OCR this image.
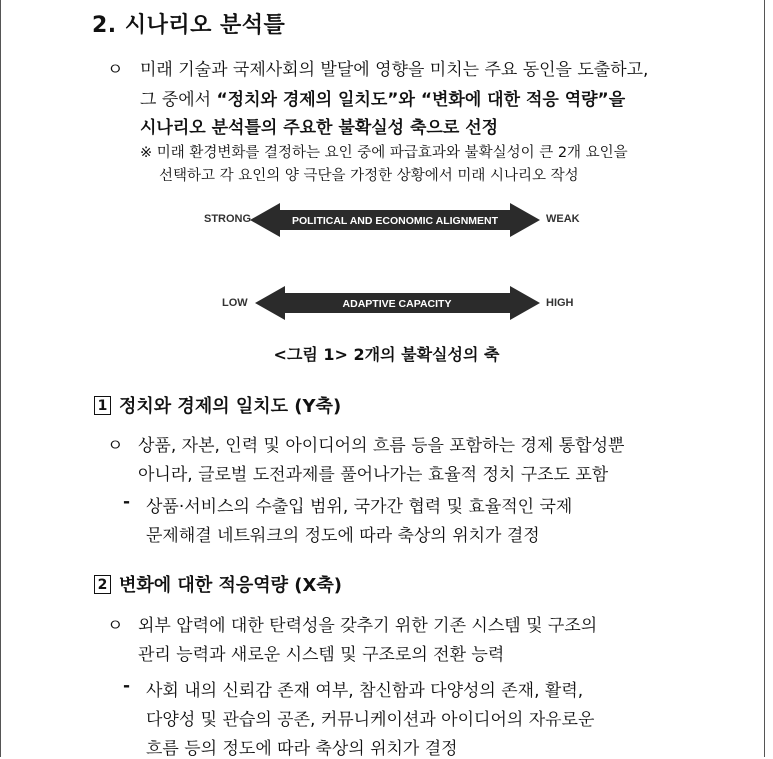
2. 시나리오 분석틀
ㅇ 미래 기술과 국제사회의 발달에 영향을 미치는 주요 동인을 도출하고,
그 중에서 “정치와 경제의 일치도”와 “변화에 대한 적응 역량”을
시나리오 분석틀의 주요한 불확실성 축으로 선정
※ 미래 환경변화를 결정하는 요인 중에 파급효과와 불확실성이 큰 2개 요인을
선택하고 각 요인의 양 극단을 가정한 상황에서 미래 시나리오 작성
STRONG	POLITICAL AND ECONOMIC ALIGNMENT	WEAK
LOW	ADAPTIVE CAPACITY	HIGH
<그림 1> 2개의 불확실성의 축
1 정치와 경제의 일치도 (Y축)
ㅇ 상품, 자본, 인력 및 아이디어의 흐름 등을 포함하는 경제 통합성뿐
아니라, 글로벌 도전과제를 풀어나가는 효율적 정치 구조도 포함
- 상품·서비스의 수출입 범위, 국가간 협력 및 효율적인 국제
문제해결 네트워크의 정도에 따라 축상의 위치가 결정
2 변화에 대한 적응역량 (X축)
ㅇ 외부 압력에 대한 탄력성을 갖추기 위한 기존 시스템 및 구조의
관리 능력과 새로운 시스템 및 구조로의 전환 능력
- 사회 내의 신뢰감 존재 여부, 참신함과 다양성의 존재, 활력,
다양성 및 관습의 공존, 커뮤니케이션과 아이디어의 자유로운
흐름 등의 정도에 따라 축상의 위치가 결정
